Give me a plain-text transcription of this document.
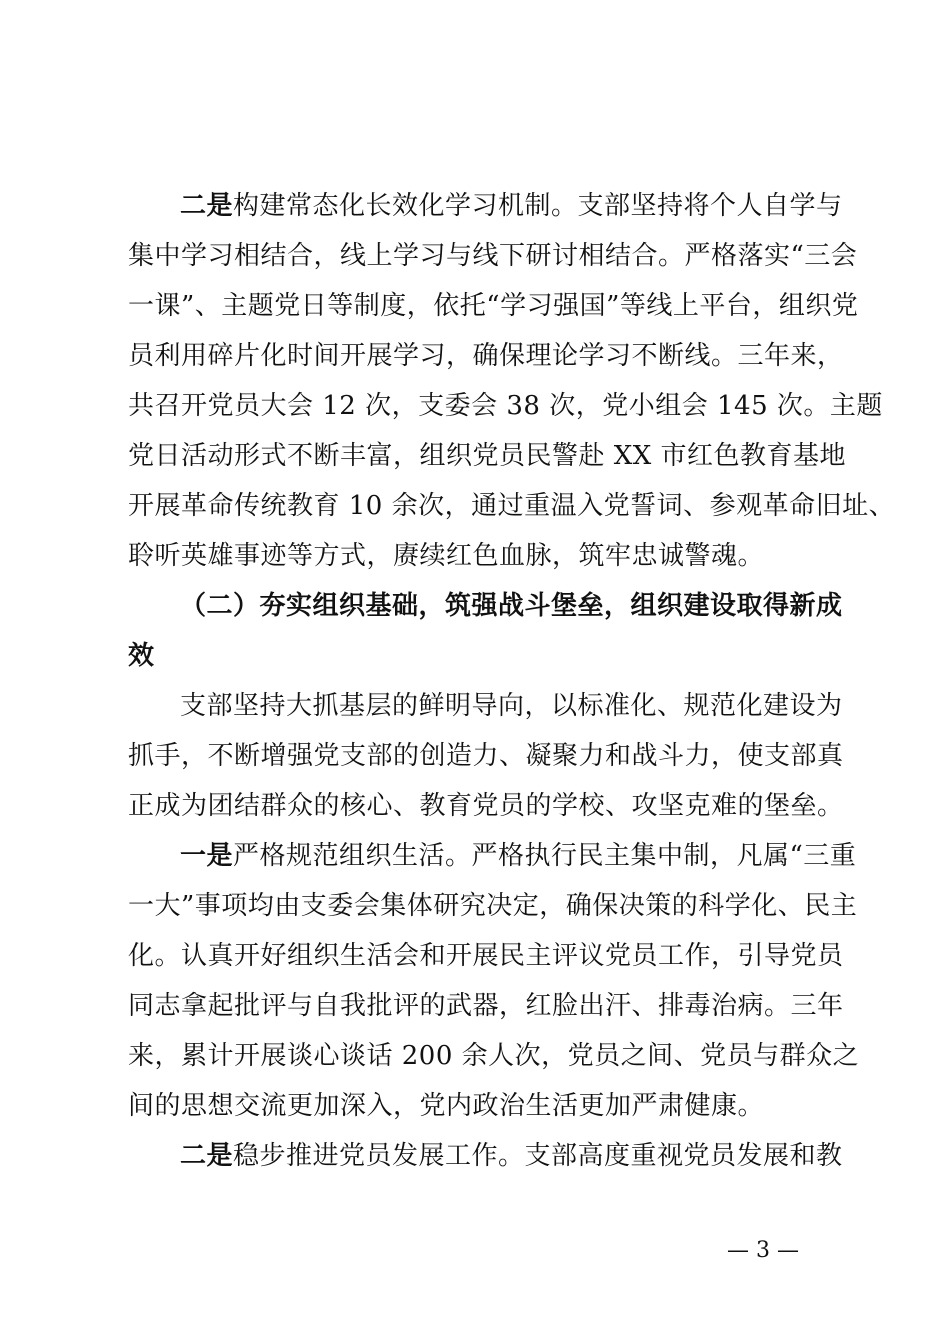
二是构建常态化长效化学习机制。支部坚持将个人自学与
集中学习相结合，线上学习与线下研讨相结合。严格落实“三会
一课”、主题党日等制度，依托“学习强国”等线上平台，组织党
员利用碎片化时间开展学习，确保理论学习不断线。三年来，
共召开党员大会 12 次，支委会 38 次，党小组会 145 次。主题
党日活动形式不断丰富，组织党员民警赴 XX 市红色教育基地
开展革命传统教育 10 余次，通过重温入党誓词、参观革命旧址、
聆听英雄事迹等方式，赓续红色血脉，筑牢忠诚警魂。
（二）夯实组织基础，筑强战斗堡垒，组织建设取得新成
效
支部坚持大抓基层的鲜明导向，以标准化、规范化建设为
抓手，不断增强党支部的创造力、凝聚力和战斗力，使支部真
正成为团结群众的核心、教育党员的学校、攻坚克难的堡垒。
一是严格规范组织生活。严格执行民主集中制，凡属“三重
一大”事项均由支委会集体研究决定，确保决策的科学化、民主
化。认真开好组织生活会和开展民主评议党员工作，引导党员
同志拿起批评与自我批评的武器，红脸出汗、排毒治病。三年
来，累计开展谈心谈话 200 余人次，党员之间、党员与群众之
间的思想交流更加深入，党内政治生活更加严肃健康。
二是稳步推进党员发展工作。支部高度重视党员发展和教
— 3 —
